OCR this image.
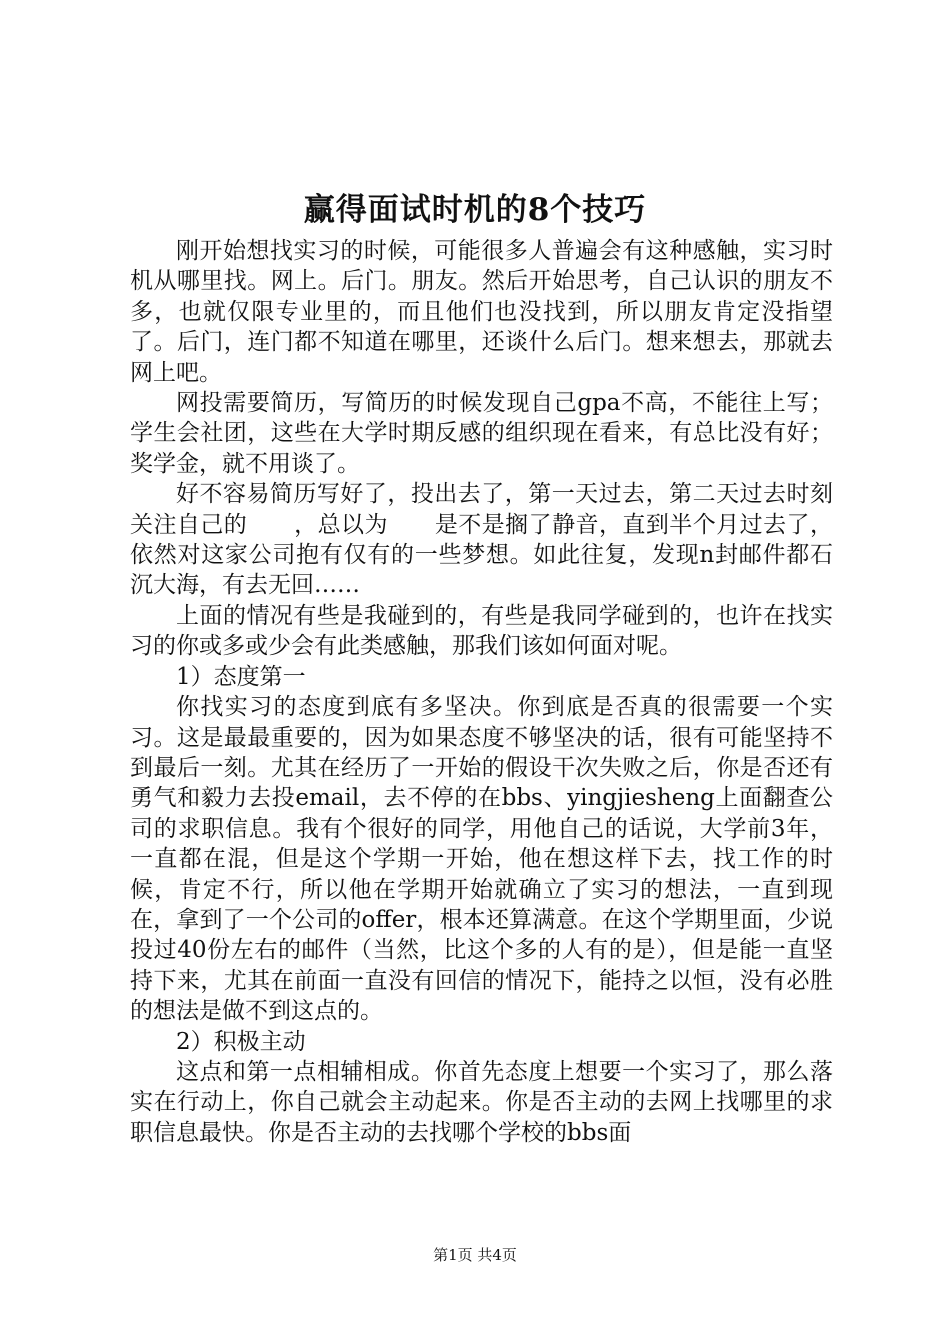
赢得面试时机的8个技巧

刚开始想找实习的时候，可能很多人普遍会有这种感触，实习时机从哪里找。网上。后门。朋友。然后开始思考，自己认识的朋友不多，也就仅限专业里的，而且他们也没找到，所以朋友肯定没指望了。后门，连门都不知道在哪里，还谈什么后门。想来想去，那就去网上吧。

网投需要简历，写简历的时候发现自己gpa不高，不能往上写；学生会社团，这些在大学时期反感的组织现在看来，有总比没有好；奖学金，就不用谈了。

好不容易简历写好了，投出去了，第一天过去，第二天过去时刻关注自己的　　，总以为　　是不是搁了静音，直到半个月过去了，依然对这家公司抱有仅有的一些梦想。如此往复，发现n封邮件都石沉大海，有去无回……

上面的情况有些是我碰到的，有些是我同学碰到的，也许在找实习的你或多或少会有此类感触，那我们该如何面对呢。

1）态度第一

你找实习的态度到底有多坚决。你到底是否真的很需要一个实习。这是最最重要的，因为如果态度不够坚决的话，很有可能坚持不到最后一刻。尤其在经历了一开始的假设干次失败之后，你是否还有勇气和毅力去投email，去不停的在bbs、yingjiesheng上面翻查公司的求职信息。我有个很好的同学，用他自己的话说，大学前3年，一直都在混，但是这个学期一开始，他在想这样下去，找工作的时候，肯定不行，所以他在学期开始就确立了实习的想法，一直到现在，拿到了一个公司的offer，根本还算满意。在这个学期里面，少说投过40份左右的邮件（当然，比这个多的人有的是），但是能一直坚持下来，尤其在前面一直没有回信的情况下，能持之以恒，没有必胜的想法是做不到这点的。

2）积极主动

这点和第一点相辅相成。你首先态度上想要一个实习了，那么落实在行动上，你自己就会主动起来。你是否主动的去网上找哪里的求职信息最快。你是否主动的去找哪个学校的bbs面

第1页 共4页
